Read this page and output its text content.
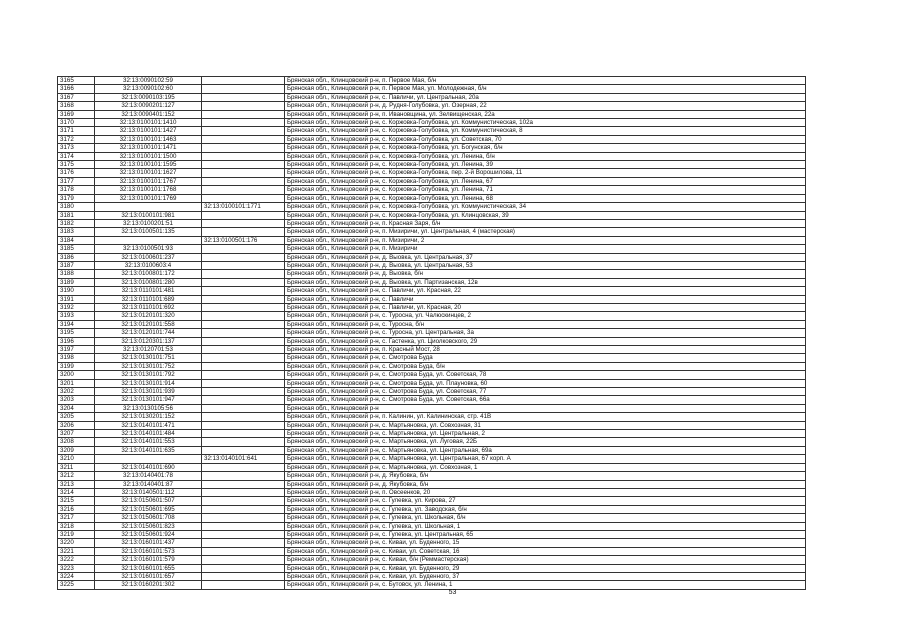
3165	32:13:0090102:59		Брянская обл., Клинцовский р-н, п. Первое Мая, б/н
3166	32:13:0090102:60		Брянская обл., Клинцовский р-н, п. Первое Мая, ул. Молодежная, б/н
3167	32:13:0090103:195		Брянская обл., Клинцовский р-н, с. Павличи, ул. Центральная, 20а
3168	32:13:0090201:127		Брянская обл., Клинцовский р-н, д. Рудня-Голубовка, ул. Озерная, 22
3169	32:13:0090401:152		Брянская обл., Клинцовский р-н, п. Ивановщина, ул. Зелвищенская, 22а
3170	32:13:0100101:1410		Брянская обл., Клинцовский р-н, с. Коржовка-Голубовка, ул. Коммунистическая, 102а
3171	32:13:0100101:1427		Брянская обл., Клинцовский р-н, с. Коржовка-Голубовка, ул. Коммунистическая, 8
3172	32:13:0100101:1463		Брянская обл., Клинцовский р-н, с. Коржовка-Голубовка, ул. Советская, 70
3173	32:13:0100101:1471		Брянская обл., Клинцовский р-н, с. Коржовка-Голубовка, ул. Богунская, б/н
3174	32:13:0100101:1500		Брянская обл., Клинцовский р-н, с. Коржовка-Голубовка, ул. Ленина, б/н
3175	32:13:0100101:1595		Брянская обл., Клинцовский р-н, с. Коржовка-Голубовка, ул. Ленина, 39
3176	32:13:0100101:1627		Брянская обл., Клинцовский р-н, с. Коржовка-Голубовка, пер. 2-й Ворошилова, 11
3177	32:13:0100101:1767		Брянская обл., Клинцовский р-н, с. Коржовка-Голубовка, ул. Ленина, 67
3178	32:13:0100101:1768		Брянская обл., Клинцовский р-н, с. Коржовка-Голубовка, ул. Ленина, 71
3179	32:13:0100101:1769		Брянская обл., Клинцовский р-н, с. Коржовка-Голубовка, ул. Ленина, 68
3180		32:13:0100101:1771	Брянская обл., Клинцовский р-н, с. Коржовка-Голубовка, ул. Коммунистическая, 34
3181	32:13:0100101:981		Брянская обл., Клинцовский р-н, с. Коржовка-Голубовка, ул. Клинцовская, 39
3182	32:13:0100201:51		Брянская обл., Клинцовский р-н, п. Красная Заря, б/н
3183	32:13:0100501:135		Брянская обл., Клинцовский р-н, п. Мизиричи, ул. Центральная, 4 (мастерская)
3184		32:13:0100501:176	Брянская обл., Клинцовский р-н, п. Мизиричи, 2
3185	32:13:0100501:93		Брянская обл., Клинцовский р-н, п. Мизиричи
3186	32:13:0100601:237		Брянская обл., Клинцовский р-н, д. Выовка, ул. Центральная, 37
3187	32:13:0100603:4		Брянская обл., Клинцовский р-н, д. Выовка, ул. Центральная, 53
3188	32:13:0100801:172		Брянская обл., Клинцовский р-н, д. Выовка, б/н
3189	32:13:0100801:280		Брянская обл., Клинцовский р-н, д. Выовка, ул. Партизанская, 12в
3190	32:13:0110101:481		Брянская обл., Клинцовский р-н, с. Павличи, ул. Красная, 22
3191	32:13:0110101:689		Брянская обл., Клинцовский р-н, с. Павличи
3192	32:13:0110101:692		Брянская обл., Клинцовский р-н, с. Павличи, ул. Красная, 20
3193	32:13:0120101:320		Брянская обл., Клинцовский р-н, с. Туросна, ул. Чалюскинцев, 2
3194	32:13:0120101:558		Брянская обл., Клинцовский р-н, с. Туросна, б/н
3195	32:13:0120101:744		Брянская обл., Клинцовский р-н, с. Туросна, ул. Центральная, 3а
3196	32:13:0120301:137		Брянская обл., Клинцовский р-н, с. Гастенка, ул. Циолковского, 29
3197	32:13:0120701:53		Брянская обл., Клинцовский р-н, п. Красный Мост, 28
3198	32:13:0130101:751		Брянская обл., Клинцовский р-н, с. Смотрова Буда
3199	32:13:0130101:752		Брянская обл., Клинцовский р-н, с. Смотрова Буда, б/н
3200	32:13:0130101:792		Брянская обл., Клинцовский р-н, с. Смотрова Буда, ул. Советская, 78
3201	32:13:0130101:914		Брянская обл., Клинцовский р-н, с. Смотрова Буда, ул. Плауновка, 60
3202	32:13:0130101:939		Брянская обл., Клинцовский р-н, с. Смотрова Буда, ул. Советская, 77
3203	32:13:0130101:947		Брянская обл., Клинцовский р-н, с. Смотрова Буда, ул. Советская, 66а
3204	32:13:0130105:56		Брянская обл., Клинцовский р-н
3205	32:13:0130201:152		Брянская обл., Клинцовский р-н, п. Калинин, ул. Калининская, стр. 41В
3206	32:13:0140101:471		Брянская обл., Клинцовский р-н, с. Мартьяновка, ул. Совхозная, 31
3207	32:13:0140101:484		Брянская обл., Клинцовский р-н, с. Мартьяновка, ул. Центральная, 2
3208	32:13:0140101:553		Брянская обл., Клинцовский р-н, с. Мартьяновка, ул. Луговая, 22Б
3209	32:13:0140101:635		Брянская обл., Клинцовский р-н, с. Мартьяновка, ул. Центральная, 69а
3210		32:13:0140101:641	Брянская обл., Клинцовский р-н, с. Мартьяновка, ул. Центральная, 67 корп. А
3211	32:13:0140101:690		Брянская обл., Клинцовский р-н, с. Мартьяновка, ул. Совхозная, 1
3212	32:13:0140401:78		Брянская обл., Клинцовский р-н, д. Якубовка, б/н
3213	32:13:0140401:87		Брянская обл., Клинцовский р-н, д. Якубовка, б/н
3214	32:13:0140501:112		Брянская обл., Клинцовский р-н, п. Овсеенков, 20
3215	32:13:0150601:507		Брянская обл., Клинцовский р-н, с. Гулевка, ул. Кирова, 27
3216	32:13:0150601:695		Брянская обл., Клинцовский р-н, с. Гулевка, ул. Заводская, б/н
3217	32:13:0150601:708		Брянская обл., Клинцовский р-н, с. Гулевка, ул. Школьная, б/н
3218	32:13:0150601:823		Брянская обл., Клинцовский р-н, с. Гулевка, ул. Школьная, 1
3219	32:13:0150601:924		Брянская обл., Клинцовский р-н, с. Гулевка, ул. Центральная, 65
3220	32:13:0160101:437		Брянская обл., Клинцовский р-н, с. Киваи, ул. Буденного, 15
3221	32:13:0160101:573		Брянская обл., Клинцовский р-н, с. Киваи, ул. Советская, 16
3222	32:13:0160101:579		Брянская обл., Клинцовский р-н, с. Киваи, б/н (Реммастерская)
3223	32:13:0160101:655		Брянская обл., Клинцовский р-н, с. Киваи, ул. Буденного, 29
3224	32:13:0160101:657		Брянская обл., Клинцовский р-н, с. Киваи, ул. Буденного, 37
3225	32:13:0160201:302		Брянская обл., Клинцовский р-н, с. Бутовск, ул. Ленина, 1
53
